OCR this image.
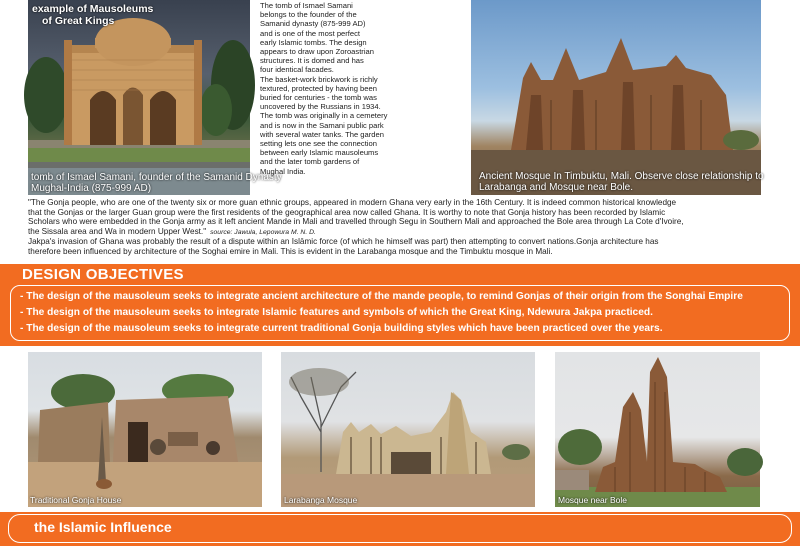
example of Mausoleums
of Great Kings
tomb of Ismael Samani, founder of the Samanid Dynasty
Mughal-India (875-999 AD)
The tomb of Ismael Samani
belongs to the founder of the
Samanid dynasty (875-999 AD)
and is one of the most perfect
early Islamic tombs. The design
appears to draw upon Zoroastrian
structures. It is domed and has
four identical facades.
The basket-work brickwork is richly
textured, protected by having been
buried for centuries - the tomb was
uncovered by the Russians in 1934.
The tomb was originally in a cemetery
and is now in the Samani public park
with several water tanks. The garden
setting lets one see the connection
between early Islamic mausoleums
and the later tomb gardens of
Mughal India.	Ancient Mosque In Timbuktu, Mali. Observe close relationship to
Larabanga and Mosque near Bole.
"The Gonja people, who are one of the twenty six or more guan ethnic groups, appeared in modern Ghana very early in the 16th Century. It is indeed common historical knowledge
that the Gonjas or the larger Guan group were the first residents of the geographical area now called Ghana. It is worthy to note that Gonja history has been recorded by Islamic
Scholars who were embedded in the Gonja army as it left ancient Mande in Mali and travelled through Segu in Southern Mali and approached the Bole area through La Cote d'Ivoire,
the Sissala area and Wa in modern Upper West." source: Jawula, Lepowura M. N. D.
Jakpa's invasion of Ghana was probably the result of a dispute within an Islāmic force (of which he himself was part) then attempting to convert nations.Gonja architecture has
therefore been influenced by architecture of the Soghai emire in Mali. This is evident in the Larabanga mosque and the Timbuktu mosque in Mali.
DESIGN OBJECTIVES
- The design of the mausoleum seeks to integrate ancient architecture of the mande people, to remind Gonjas of their origin from the Songhai Empire
- The design of the mausoleum seeks to integrate Islamic features and symbols of which the Great King, Ndewura Jakpa practiced.
- The design of the mausoleum seeks to integrate current traditional Gonja building styles which have been practiced over the years.
Traditional Gonja House	Larabanga Mosque	Mosque near Bole
the Islamic Influence
